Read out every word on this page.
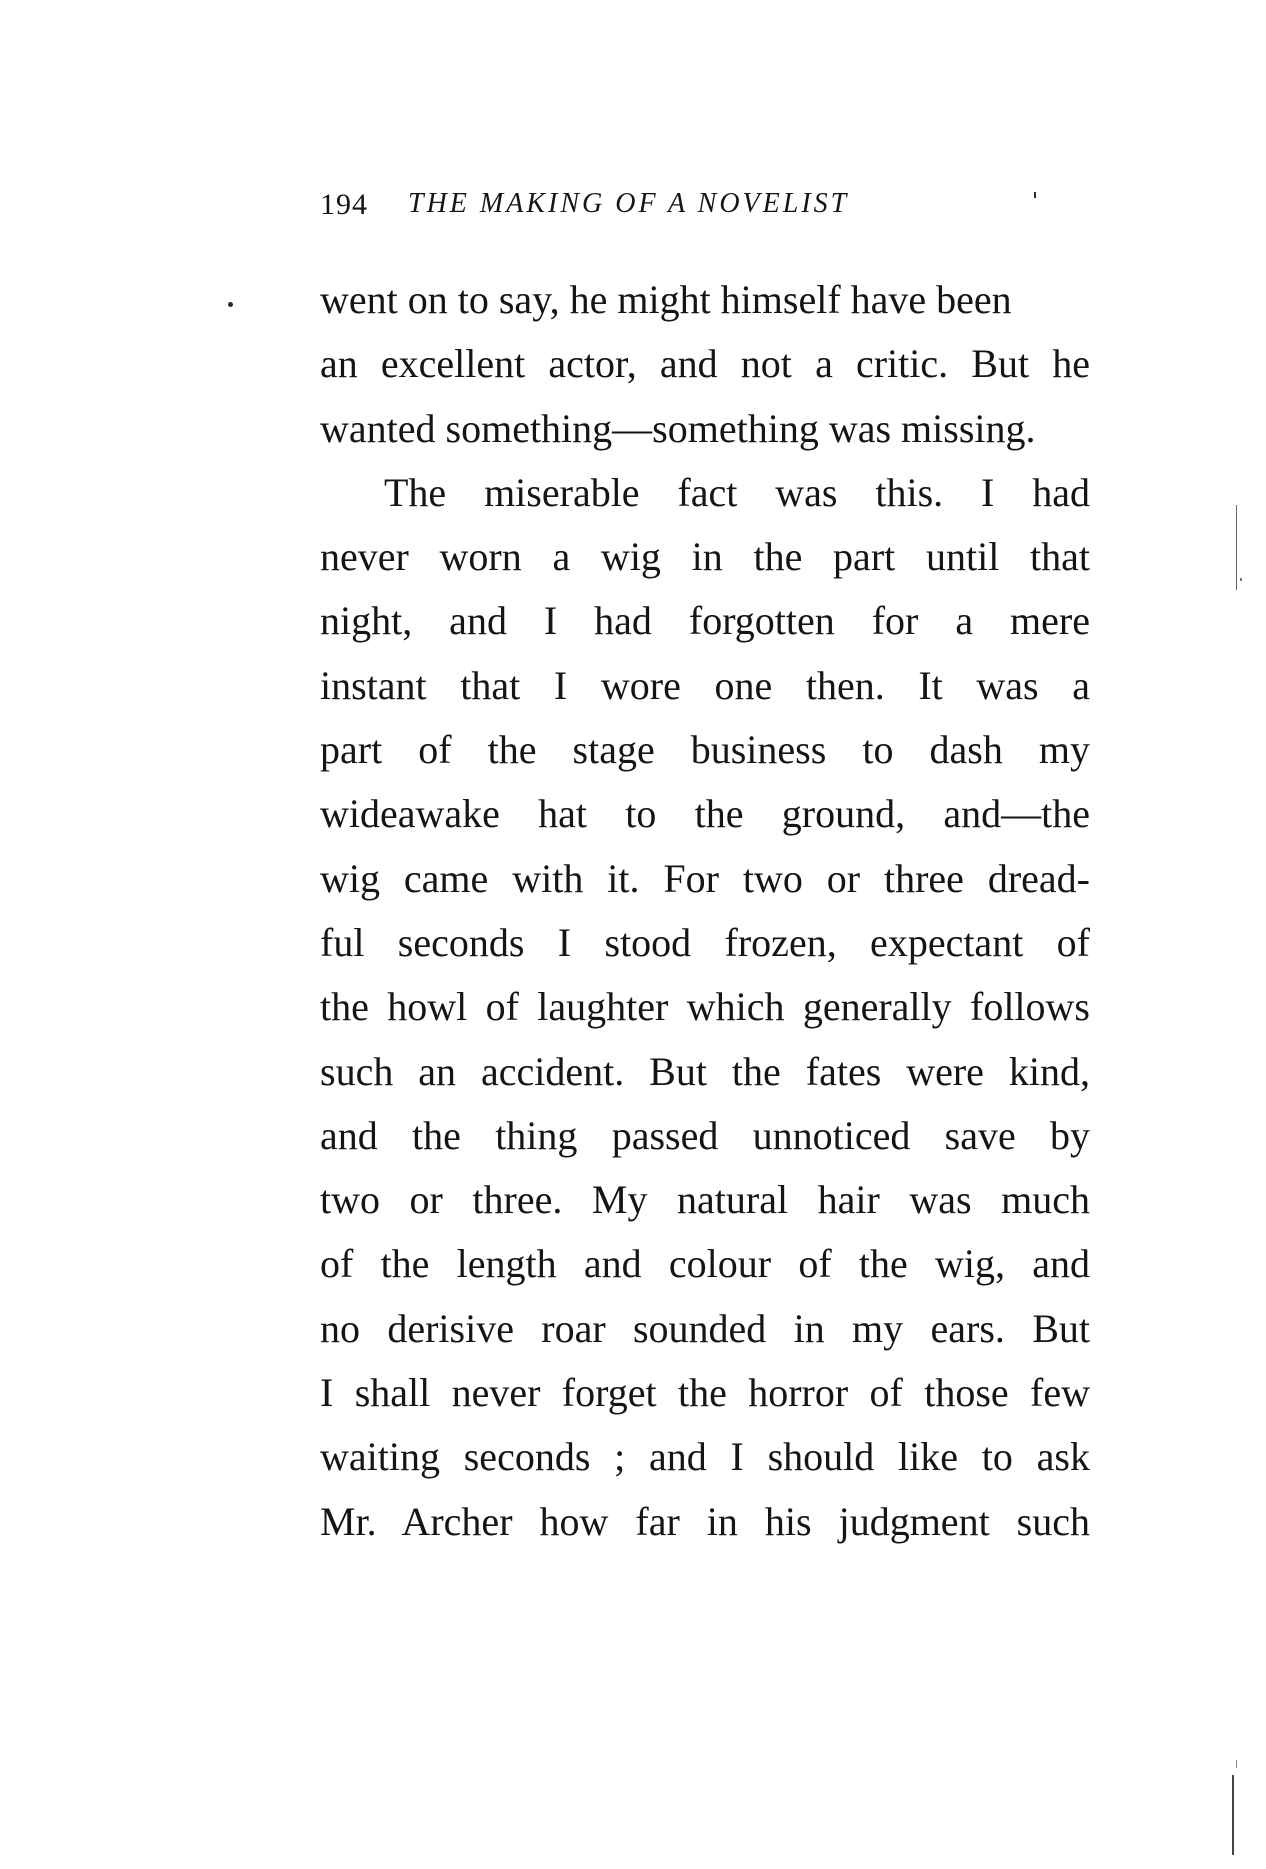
194 THE MAKING OF A NOVELIST
went on to say, he might himself have been
an excellent actor, and not a critic. But he
wanted something—something was missing.
The miserable fact was this. I had
never worn a wig in the part until that
night, and I had forgotten for a mere
instant that I wore one then. It was a
part of the stage business to dash my
wideawake hat to the ground, and—the
wig came with it. For two or three dread-
ful seconds I stood frozen, expectant of
the howl of laughter which generally follows
such an accident. But the fates were kind,
and the thing passed unnoticed save by
two or three. My natural hair was much
of the length and colour of the wig, and
no derisive roar sounded in my ears. But
I shall never forget the horror of those few
waiting seconds ; and I should like to ask
Mr. Archer how far in his judgment such
